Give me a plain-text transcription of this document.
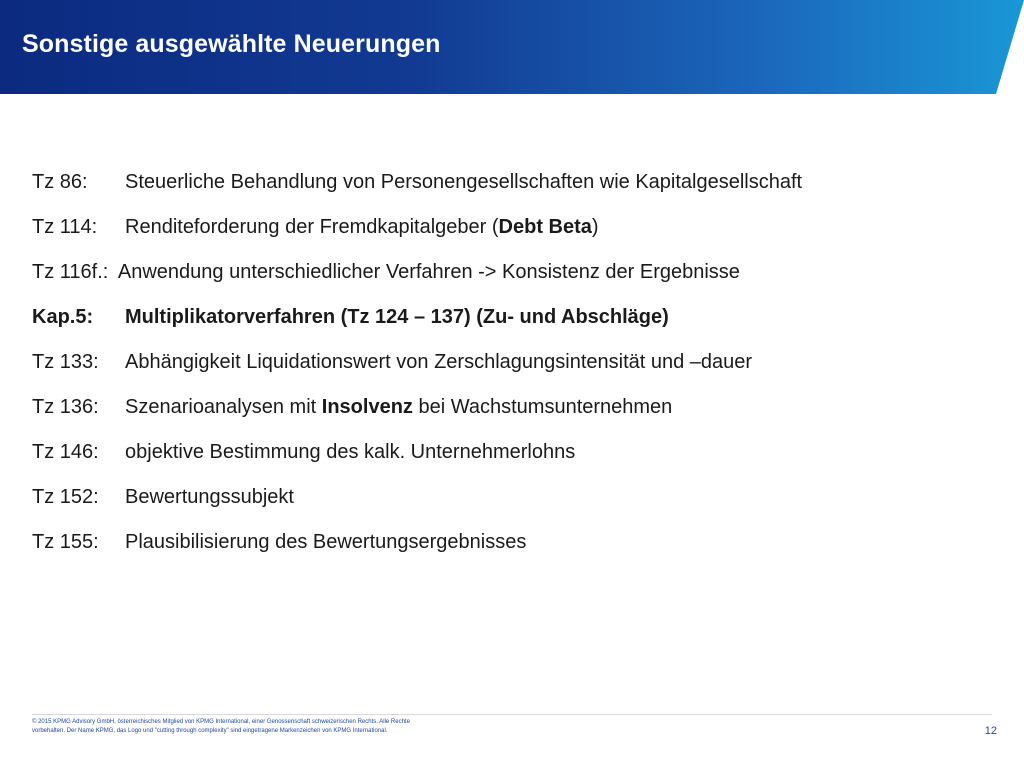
Sonstige ausgewählte Neuerungen
Tz 86:	Steuerliche Behandlung von Personengesellschaften wie Kapitalgesellschaft
Tz 114:	Renditeforderung der Fremdkapitalgeber (Debt Beta)
Tz 116f.: Anwendung unterschiedlicher Verfahren -> Konsistenz der Ergebnisse
Kap.5:	Multiplikatorverfahren (Tz 124 – 137) (Zu- und Abschläge)
Tz 133:	Abhängigkeit Liquidationswert von Zerschlagungsintensität und –dauer
Tz 136:	Szenarioanalysen mit Insolvenz bei Wachstumsunternehmen
Tz 146:	objektive Bestimmung des kalk. Unternehmerlohns
Tz 152:	Bewertungssubjekt
Tz 155:	Plausibilisierung des Bewertungsergebnisses
© 2015 KPMG Advisory GmbH, österreichisches Mitglied von KPMG International, einer Genossenschaft schweizerischen Rechts. Alle Rechte
vorbehalten. Der Name KPMG, das Logo und "cutting through complexity" sind eingetragene Markenzeichen von KPMG International.	12
